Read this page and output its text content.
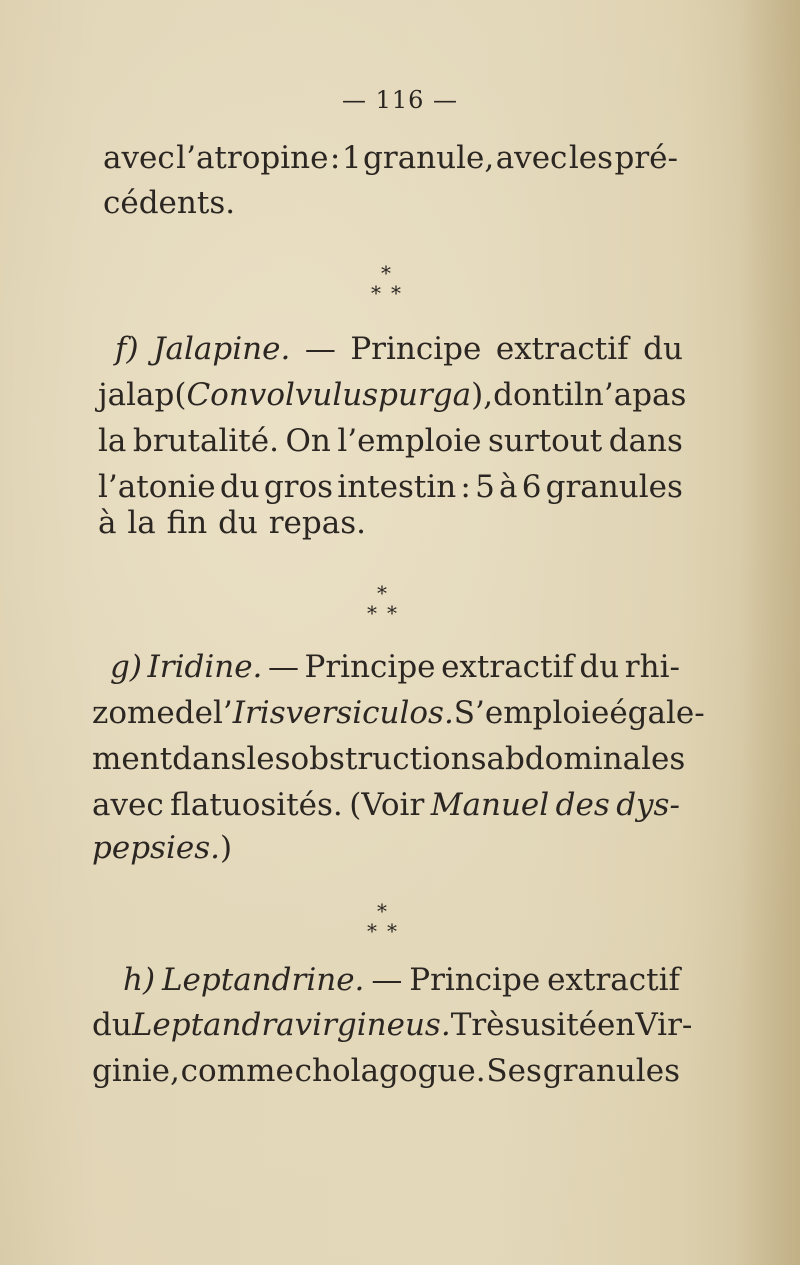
— 116 —
avec l’atropine : 1 granule, avec les pré-
cédents.
*
**
f) Jalapine. — Principe extractif du
jalap (Convolvulus purga), dont il n’a pas
la brutalité. On l’emploie surtout dans
l’atonie du gros intestin : 5 à 6 granules
à la fin du repas.
*
**
g) Iridine. — Principe extractif du rhi-
zome de l’Iris versiculos. S’emploie égale-
ment dans les obstructions abdominales
avec flatuosités. (Voir Manuel des dys-
pepsies.)
*
**
h) Leptandrine. — Principe extractif
du Leptandra virgineus. Très usité en Vir-
ginie, comme cholagogue. Ses granules
